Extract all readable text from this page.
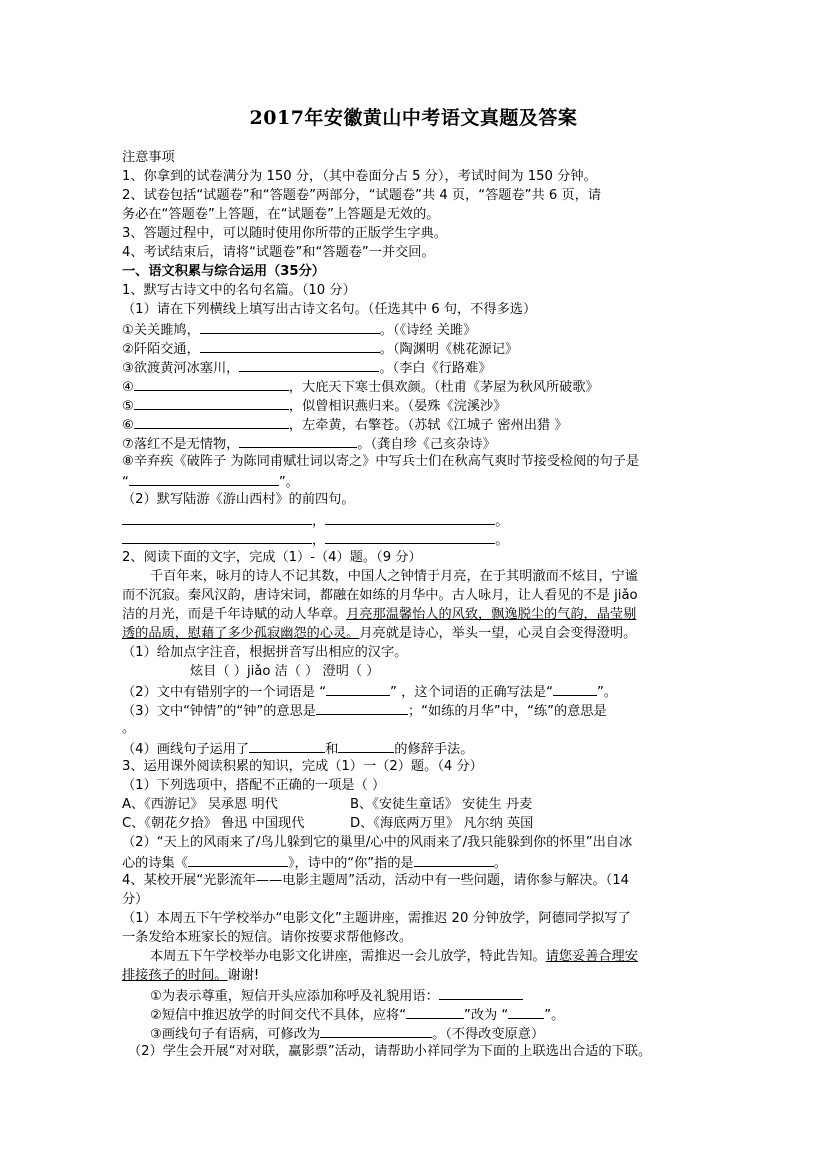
2017年安徽黄山中考语文真题及答案
注意事项
1、你拿到的试卷满分为 150 分，（其中卷面分占 5 分），考试时间为 150 分钟。
2、试卷包括“试题卷”和“答题卷”两部分，“试题卷”共 4 页，“答题卷”共 6 页，请
务必在“答题卷”上答题，在“试题卷”上答题是无效的。
3、答题过程中，可以随时使用你所带的正版学生字典。
4、考试结束后，请将“试题卷”和“答题卷”一并交回。
一、语文积累与综合运用（35分）
1、默写古诗文中的名句名篇。（10 分）
（1）请在下列横线上填写出古诗文名句。（任选其中 6 句，不得多选）
①关关雎鸠，	。（《诗经 关雎》
②阡陌交通，	。（陶渊明《桃花源记》
③欲渡黄河冰塞川，	。（李白《行路难》
④	，大庇天下寒士俱欢颜。（杜甫《茅屋为秋风所破歌》
⑤	，似曾相识燕归来。（晏殊《浣溪沙》
⑥	，左牵黄，右擎苍。（苏轼《江城子 密州出猎 》
⑦落红不是无情物，	。（龚自珍《己亥杂诗》
⑧辛弃疾《破阵子 为陈同甫赋壮词以寄之》中写兵士们在秋高气爽时节接受检阅的句子是
“	”。
（2）默写陆游《游山西村》的前四句。
，	。
，	。
2、阅读下面的文字，完成（1）-（4）题。（9 分）
千百年来，咏月的诗人不记其数，中国人之钟情于月亮，在于其明澈而不炫目，宁谧
而不沉寂。秦风汉韵，唐诗宋词，都融在如练的月华中。古人咏月，让人看见的不是 jiǎo
洁的月光，而是千年诗赋的动人华章。月亮那温馨怡人的风致，飘逸脱尘的气韵，晶莹剔
透的品质，慰藉了多少孤寂幽怨的心灵。月亮就是诗心，举头一望，心灵自会变得澄明。
（1）给加点字注音，根据拼音写出相应的汉字。
炫目（ ）jiǎo 洁（ ） 澄明（ ）
（2）文中有错别字的一个词语是 “	” ，这个词语的正确写法是“	”。
（3）文中“钟情”的“钟”的意思是	；“如练的月华”中，“练”的意思是
。
（4）画线句子运用了	和	的修辞手法。
3、运用课外阅读积累的知识，完成（1）一（2）题。（4 分）
（1）下列选项中，搭配不正确的一项是（ ）
A、《西游记》 吴承恩 明代	B、《安徒生童话》 安徒生 丹麦
C、《朝花夕拾》 鲁迅 中国现代	D、《海底两万里》 凡尔纳 英国
（2）“天上的风雨来了/鸟儿躲到它的巢里/心中的风雨来了/我只能躲到你的怀里”出自冰
心的诗集《	》，诗中的“你”指的是	。
4、某校开展“光影流年——电影主题周”活动，活动中有一些问题，请你参与解决。（14
分）
（1）本周五下午学校举办“电影文化”主题讲座，需推迟 20 分钟放学，阿德同学拟写了
一条发给本班家长的短信。请你按要求帮他修改。
本周五下午学校举办电影文化讲座，需推迟一会儿放学，特此告知。请您妥善合理安
排接孩子的时间。谢谢!
①为表示尊重，短信开头应添加称呼及礼貌用语：
②短信中推迟放学的时间交代不具体，应将“	”改为 “	”。
③画线句子有语病，可修改为	。（不得改变原意）
（2）学生会开展“对对联，赢影票”活动，请帮助小祥同学为下面的上联选出合适的下联。
